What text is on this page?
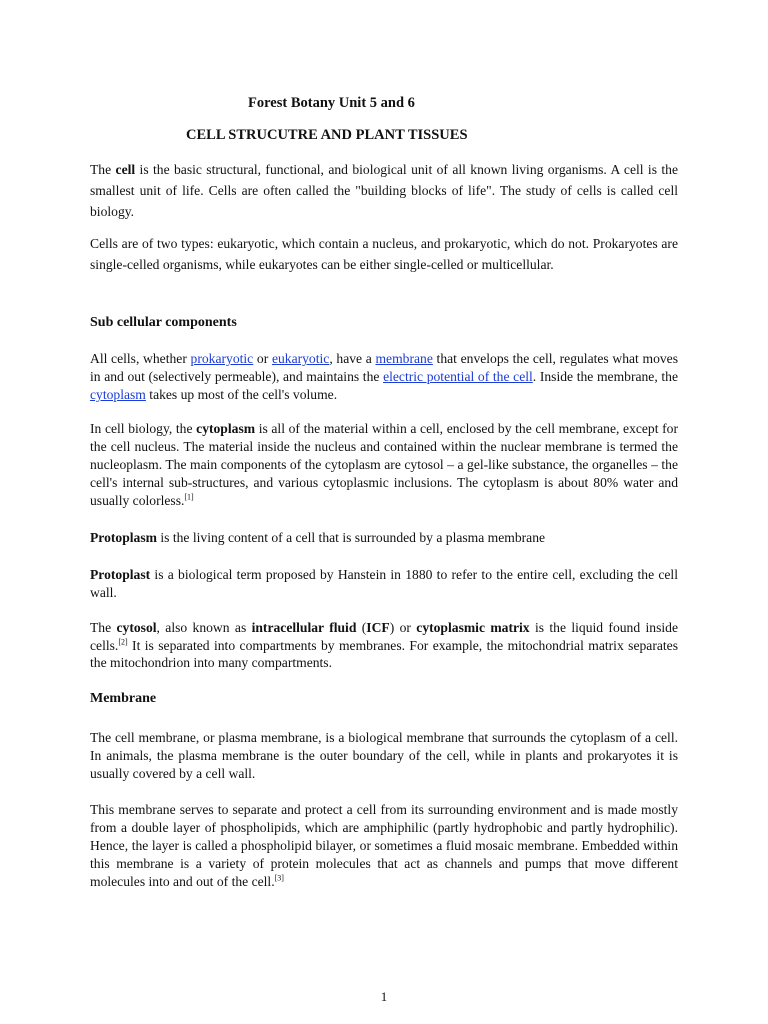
Forest Botany Unit 5 and 6
CELL STRUCUTRE AND PLANT TISSUES
The cell is the basic structural, functional, and biological unit of all known living organisms. A cell is the smallest unit of life. Cells are often called the "building blocks of life". The study of cells is called cell biology.
Cells are of two types: eukaryotic, which contain a nucleus, and prokaryotic, which do not. Prokaryotes are single-celled organisms, while eukaryotes can be either single-celled or multicellular.
Sub cellular components
All cells, whether prokaryotic or eukaryotic, have a membrane that envelops the cell, regulates what moves in and out (selectively permeable), and maintains the electric potential of the cell. Inside the membrane, the cytoplasm takes up most of the cell's volume.
In cell biology, the cytoplasm is all of the material within a cell, enclosed by the cell membrane, except for the cell nucleus. The material inside the nucleus and contained within the nuclear membrane is termed the nucleoplasm. The main components of the cytoplasm are cytosol – a gel-like substance, the organelles – the cell's internal sub-structures, and various cytoplasmic inclusions. The cytoplasm is about 80% water and usually colorless.[1]
Protoplasm is the living content of a cell that is surrounded by a plasma membrane
Protoplast is a biological term proposed by Hanstein in 1880 to refer to the entire cell, excluding the cell wall.
The cytosol, also known as intracellular fluid (ICF) or cytoplasmic matrix is the liquid found inside cells.[2] It is separated into compartments by membranes. For example, the mitochondrial matrix separates the mitochondrion into many compartments.
Membrane
The cell membrane, or plasma membrane, is a biological membrane that surrounds the cytoplasm of a cell. In animals, the plasma membrane is the outer boundary of the cell, while in plants and prokaryotes it is usually covered by a cell wall.
This membrane serves to separate and protect a cell from its surrounding environment and is made mostly from a double layer of phospholipids, which are amphiphilic (partly hydrophobic and partly hydrophilic). Hence, the layer is called a phospholipid bilayer, or sometimes a fluid mosaic membrane. Embedded within this membrane is a variety of protein molecules that act as channels and pumps that move different molecules into and out of the cell.[3]
1
